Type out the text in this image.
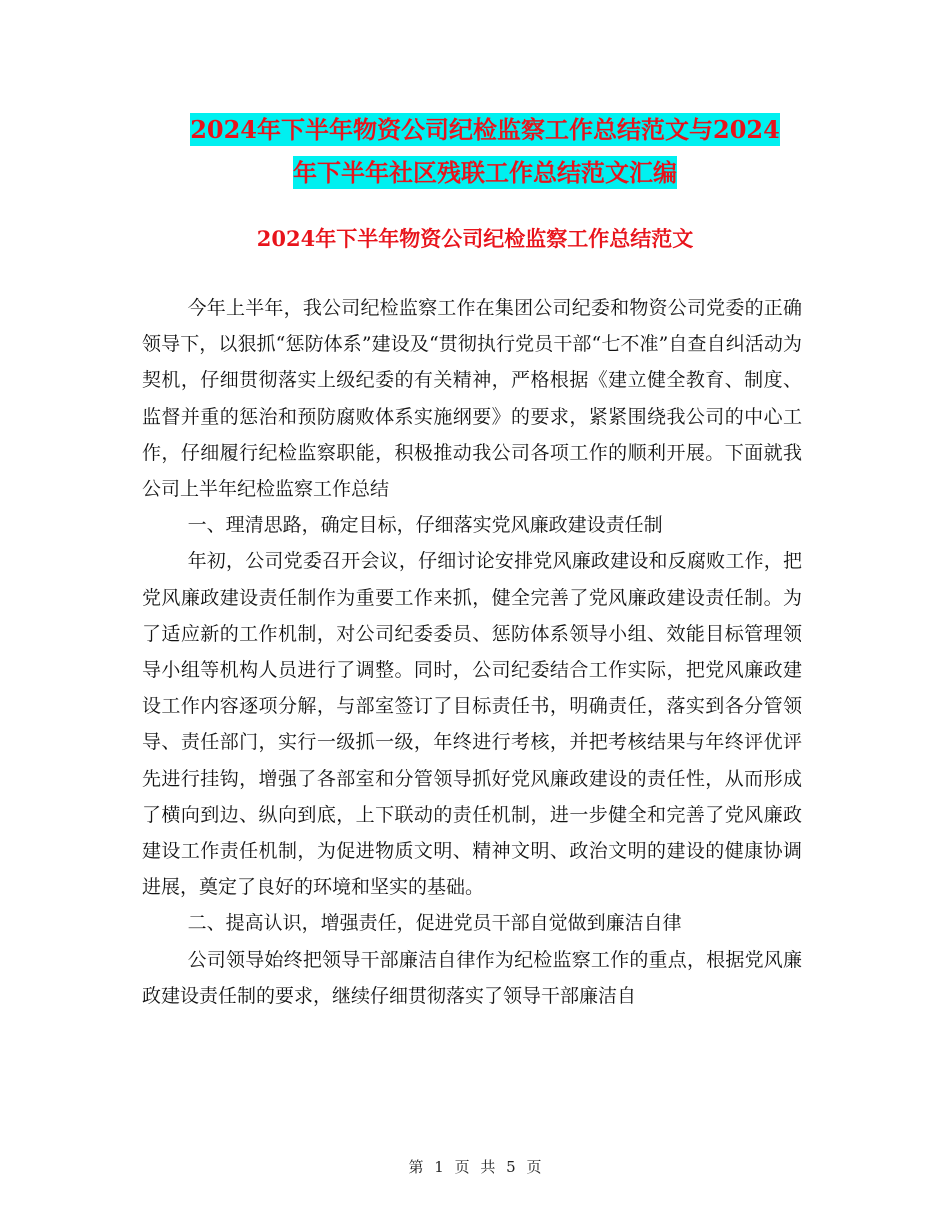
2024年下半年物资公司纪检监察工作总结范文与2024
年下半年社区残联工作总结范文汇编
2024年下半年物资公司纪检监察工作总结范文

今年上半年，我公司纪检监察工作在集团公司纪委和物资公司党委的正确领导下，以狠抓“惩防体系”建设及“贯彻执行党员干部“七不准”自查自纠活动为契机，仔细贯彻落实上级纪委的有关精神，严格根据《建立健全教育、制度、监督并重的惩治和预防腐败体系实施纲要》的要求，紧紧围绕我公司的中心工作，仔细履行纪检监察职能，积极推动我公司各项工作的顺利开展。下面就我公司上半年纪检监察工作总结

一、理清思路，确定目标，仔细落实党风廉政建设责任制

年初，公司党委召开会议，仔细讨论安排党风廉政建设和反腐败工作，把党风廉政建设责任制作为重要工作来抓，健全完善了党风廉政建设责任制。为了适应新的工作机制，对公司纪委委员、惩防体系领导小组、效能目标管理领导小组等机构人员进行了调整。同时，公司纪委结合工作实际，把党风廉政建设工作内容逐项分解，与部室签订了目标责任书，明确责任，落实到各分管领导、责任部门，实行一级抓一级，年终进行考核，并把考核结果与年终评优评先进行挂钩，增强了各部室和分管领导抓好党风廉政建设的责任性，从而形成了横向到边、纵向到底，上下联动的责任机制，进一步健全和完善了党风廉政建设工作责任机制，为促进物质文明、精神文明、政治文明的建设的健康协调进展，奠定了良好的环境和坚实的基础。

二、提高认识，增强责任，促进党员干部自觉做到廉洁自律

公司领导始终把领导干部廉洁自律作为纪检监察工作的重点，根据党风廉政建设责任制的要求，继续仔细贯彻落实了领导干部廉洁自

第 1 页 共 5 页
